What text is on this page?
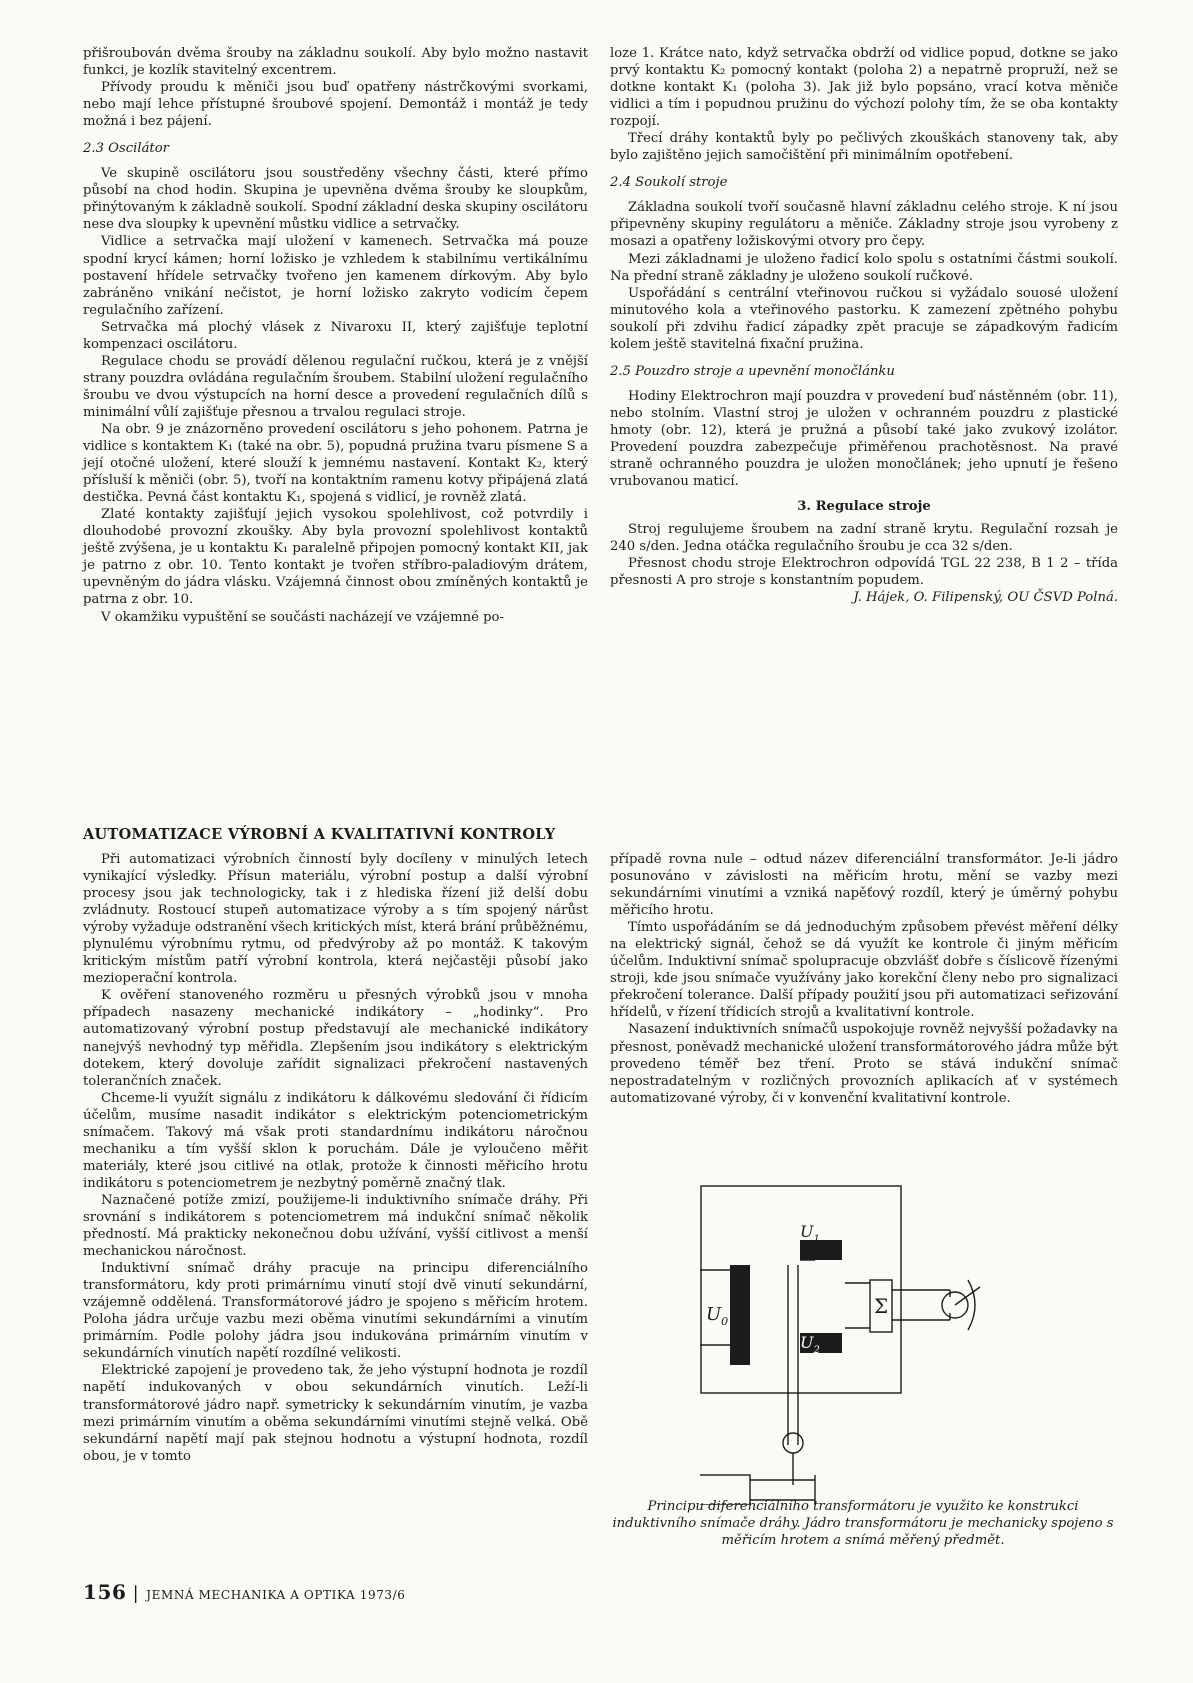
přišroubován dvěma šrouby na základnu soukolí. Aby bylo možno nastavit funkci, je kozlík stavitelný excentrem.

Přívody proudu k měniči jsou buď opatřeny nástrčkovými svorkami, nebo mají lehce přístupné šroubové spojení. Demontáž i montáž je tedy možná i bez pájení.

2.3 Oscilátor

Ve skupině oscilátoru jsou soustředěny všechny části, které přímo působí na chod hodin. Skupina je upevněna dvěma šrouby ke sloupkům, přinýtovaným k základně soukolí. Spodní základní deska skupiny oscilátoru nese dva sloupky k upevnění můstku vidlice a setrvačky.

Vidlice a setrvačka mají uložení v kamenech. Setrvačka má pouze spodní krycí kámen; horní ložisko je vzhledem k stabilnímu vertikálnímu postavení hřídele setrvačky tvořeno jen kamenem dírkovým. Aby bylo zabráněno vnikání nečistot, je horní ložisko zakryto vodicím čepem regulačního zařízení.

Setrvačka má plochý vlásek z Nivaroxu II, který zajišťuje teplotní kompenzaci oscilátoru.

Regulace chodu se provádí dělenou regulační ručkou, která je z vnější strany pouzdra ovládána regulačním šroubem. Stabilní uložení regulačního šroubu ve dvou výstupcích na horní desce a provedení regulačních dílů s minimální vůlí zajišťuje přesnou a trvalou regulaci stroje.

Na obr. 9 je znázorněno provedení oscilátoru s jeho pohonem. Patrna je vidlice s kontaktem K₁ (také na obr. 5), popudná pružina tvaru písmene S a její otočné uložení, které slouží k jemnému nastavení. Kontakt K₂, který přísluší k měniči (obr. 5), tvoří na kontaktním ramenu kotvy připájená zlatá destička. Pevná část kontaktu K₁, spojená s vidlicí, je rovněž zlatá.

Zlaté kontakty zajišťují jejich vysokou spolehlivost, což potvrdily i dlouhodobé provozní zkoušky. Aby byla provozní spolehlivost kontaktů ještě zvýšena, je u kontaktu K₁ paralelně připojen pomocný kontakt KII, jak je patrno z obr. 10. Tento kontakt je tvořen stříbro-paladiovým drátem, upevněným do jádra vlásku. Vzájemná činnost obou zmíněných kontaktů je patrna z obr. 10.

V okamžiku vypuštění se součásti nacházejí ve vzájemné po-

loze 1. Krátce nato, když setrvačka obdrží od vidlice popud, dotkne se jako prvý kontaktu K₂ pomocný kontakt (poloha 2) a nepatrně propruží, než se dotkne kontakt K₁ (poloha 3). Jak již bylo popsáno, vrací kotva měniče vidlici a tím i popudnou pružinu do výchozí polohy tím, že se oba kontakty rozpojí.

Třecí dráhy kontaktů byly po pečlivých zkouškách stanoveny tak, aby bylo zajištěno jejich samočištění při minimálním opotřebení.

2.4 Soukolí stroje

Základna soukolí tvoří současně hlavní základnu celého stroje. K ní jsou připevněny skupiny regulátoru a měniče. Základny stroje jsou vyrobeny z mosazi a opatřeny ložiskovými otvory pro čepy.

Mezi základnami je uloženo řadicí kolo spolu s ostatními částmi soukolí. Na přední straně základny je uloženo soukolí ručkové.

Uspořádání s centrální vteřinovou ručkou si vyžádalo souosé uložení minutového kola a vteřinového pastorku. K zamezení zpětného pohybu soukolí při zdvihu řadicí západky zpět pracuje se západkovým řadicím kolem ještě stavitelná fixační pružina.

2.5 Pouzdro stroje a upevnění monočlánku

Hodiny Elektrochron mají pouzdra v provedení buď nástěnném (obr. 11), nebo stolním. Vlastní stroj je uložen v ochranném pouzdru z plastické hmoty (obr. 12), která je pružná a působí také jako zvukový izolátor. Provedení pouzdra zabezpečuje přiměřenou prachotěsnost. Na pravé straně ochranného pouzdra je uložen monočlánek; jeho upnutí je řešeno vrubovanou maticí.

3. Regulace stroje

Stroj regulujeme šroubem na zadní straně krytu. Regulační rozsah je 240 s/den. Jedna otáčka regulačního šroubu je cca 32 s/den.

Přesnost chodu stroje Elektrochron odpovídá TGL 22 238, B 1 2 – třída přesnosti A pro stroje s konstantním popudem.

J. Hájek, O. Filipenský, OU ČSVD Polná.

AUTOMATIZACE VÝROBNÍ A KVALITATIVNÍ KONTROLY

Při automatizaci výrobních činností byly docíleny v minulých letech vynikající výsledky. Přísun materiálu, výrobní postup a další výrobní procesy jsou jak technologicky, tak i z hlediska řízení již delší dobu zvládnuty. Rostoucí stupeň automatizace výroby a s tím spojený nárůst výroby vyžaduje odstranění všech kritických míst, která brání průběžnému, plynulému výrobnímu rytmu, od předvýroby až po montáž. K takovým kritickým místům patří výrobní kontrola, která nejčastěji působí jako mezioperační kontrola.

K ověření stanoveného rozměru u přesných výrobků jsou v mnoha případech nasazeny mechanické indikátory – „hodinky“. Pro automatizovaný výrobní postup představují ale mechanické indikátory nanejvýš nevhodný typ měřidla. Zlepšením jsou indikátory s elektrickým dotekem, který dovoluje zařídit signalizaci překročení nastavených tolerančních značek.

Chceme-li využít signálu z indikátoru k dálkovému sledování či řídicím účelům, musíme nasadit indikátor s elektrickým potenciometrickým snímačem. Takový má však proti standardnímu indikátoru náročnou mechaniku a tím vyšší sklon k poruchám. Dále je vyloučeno měřit materiály, které jsou citlivé na otlak, protože k činnosti měřicího hrotu indikátoru s potenciometrem je nezbytný poměrně značný tlak.

Naznačené potíže zmizí, použijeme-li induktivního snímače dráhy. Při srovnání s indikátorem s potenciometrem má indukční snímač několik předností. Má prakticky nekonečnou dobu užívání, vyšší citlivost a menší mechanickou náročnost.

Induktivní snímač dráhy pracuje na principu diferenciálního transformátoru, kdy proti primárnímu vinutí stojí dvě vinutí sekundární, vzájemně oddělená. Transformátorové jádro je spojeno s měřicím hrotem. Poloha jádra určuje vazbu mezi oběma vinutími sekundárními a vinutím primárním. Podle polohy jádra jsou indukována primárním vinutím v sekundárních vinutích napětí rozdílné velikosti.

Elektrické zapojení je provedeno tak, že jeho výstupní hodnota je rozdíl napětí indukovaných v obou sekundárních vinutích. Leží-li transformátorové jádro např. symetricky k sekundárním vinutím, je vazba mezi primárním vinutím a oběma sekundárními vinutími stejně velká. Obě sekundární napětí mají pak stejnou hodnotu a výstupní hodnota, rozdíl obou, je v tomto

případě rovna nule – odtud název diferenciální transformátor. Je-li jádro posunováno v závislosti na měřicím hrotu, mění se vazby mezi sekundárními vinutími a vzniká napěťový rozdíl, který je úměrný pohybu měřicího hrotu.

Tímto uspořádáním se dá jednoduchým způsobem převést měření délky na elektrický signál, čehož se dá využít ke kontrole či jiným měřicím účelům. Induktivní snímač spolupracuje obzvlášť dobře s číslicově řízenými stroji, kde jsou snímače využívány jako korekční členy nebo pro signalizaci překročení tolerance. Další případy použití jsou při automatizaci seřizování hřídelů, v řízení třídicích strojů a kvalitativní kontrole.

Nasazení induktivních snímačů uspokojuje rovněž nejvyšší požadavky na přesnost, poněvadž mechanické uložení transformátorového jádra může být provedeno téměř bez tření. Proto se stává indukční snímač nepostradatelným v rozličných provozních aplikacích ať v systémech automatizované výroby, či v konvenční kvalitativní kontrole.

$U_0$
$U_1$
$U_2$
Σ

Principu diferenciálního transformátoru je využito ke konstrukci induktivního snímače dráhy. Jádro transformátoru je mechanicky spojeno s měřicím hrotem a snímá měřený předmět.

156 | JEMNÁ MECHANIKA A OPTIKA 1973/6
